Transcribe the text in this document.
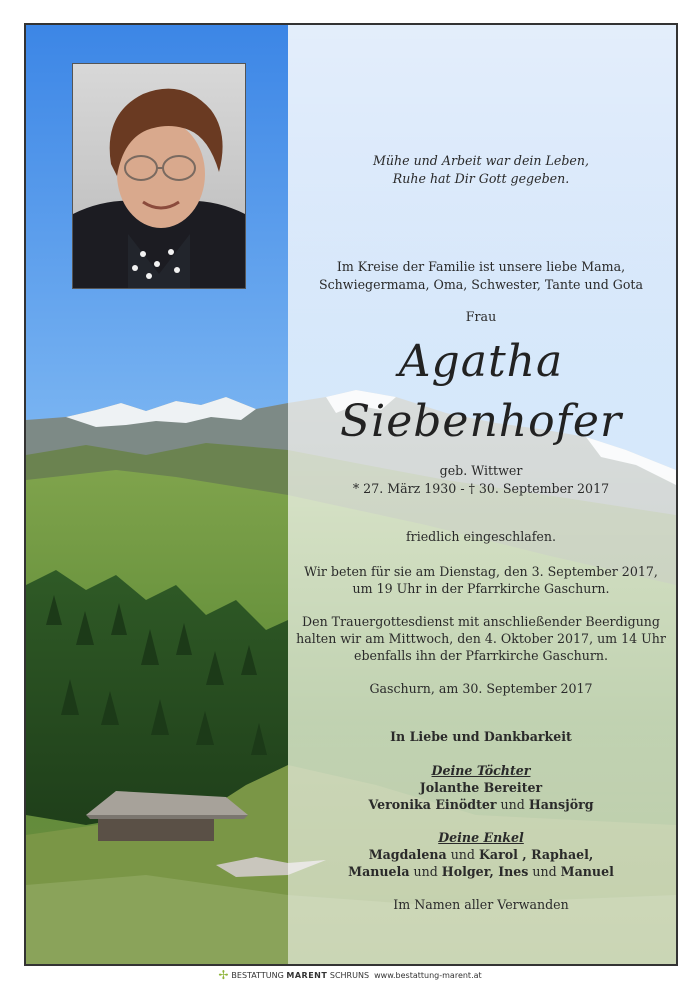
Mühe und Arbeit war dein Leben,
Ruhe hat Dir Gott gegeben.
Im Kreise der Familie ist unsere liebe Mama,
Schwiegermama, Oma, Schwester, Tante und Gota
Frau
Agatha
Siebenhofer
geb. Wittwer
* 27. März 1930 - † 30. September 2017
friedlich eingeschlafen.
Wir beten für sie am Dienstag, den 3. September 2017,
um 19 Uhr in der Pfarrkirche Gaschurn.
Den Trauergottesdienst mit anschließender Beerdigung
halten wir am Mittwoch, den 4. Oktober 2017, um 14 Uhr
ebenfalls ihn der Pfarrkirche Gaschurn.
Gaschurn, am 30. September 2017
In Liebe und Dankbarkeit
Deine Töchter
Jolanthe Bereiter
Veronika Einödter und Hansjörg
Deine Enkel
Magdalena und Karol , Raphael,
Manuela und Holger, Ines und Manuel
Im Namen aller Verwanden
✢ BESTATTUNG MARENT SCHRUNS www.bestattung-marent.at
